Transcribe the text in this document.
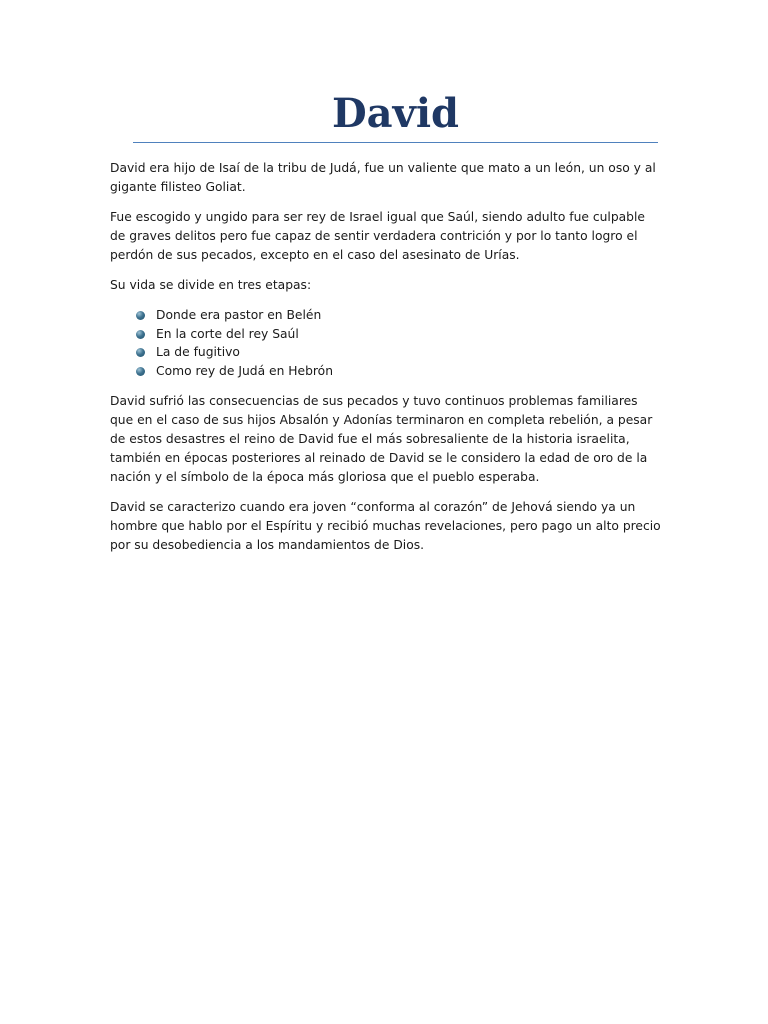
David

David era hijo de Isaí de la tribu de Judá, fue un valiente que mato a un león, un oso y al gigante filisteo Goliat.

Fue escogido y ungido para ser rey de Israel igual que Saúl, siendo adulto fue culpable de graves delitos pero fue capaz de sentir verdadera contrición y por lo tanto logro el perdón de sus pecados, excepto en el caso del asesinato de Urías.

Su vida se divide en tres etapas:

Donde era pastor en Belén
En la corte del rey Saúl
La de fugitivo
Como rey de Judá en Hebrón

David sufrió las consecuencias de sus pecados y tuvo continuos problemas familiares que en el caso de sus hijos Absalón y Adonías terminaron en completa rebelión, a pesar de estos desastres el reino de David fue el más sobresaliente de la historia israelita, también en épocas posteriores al reinado de David se le considero la edad de oro de la nación y el símbolo de la época más gloriosa que el pueblo esperaba.

David se caracterizo cuando era joven “conforma al corazón” de Jehová siendo ya un hombre que hablo por el Espíritu y recibió muchas revelaciones, pero pago un alto precio por su desobediencia a los mandamientos de Dios.
